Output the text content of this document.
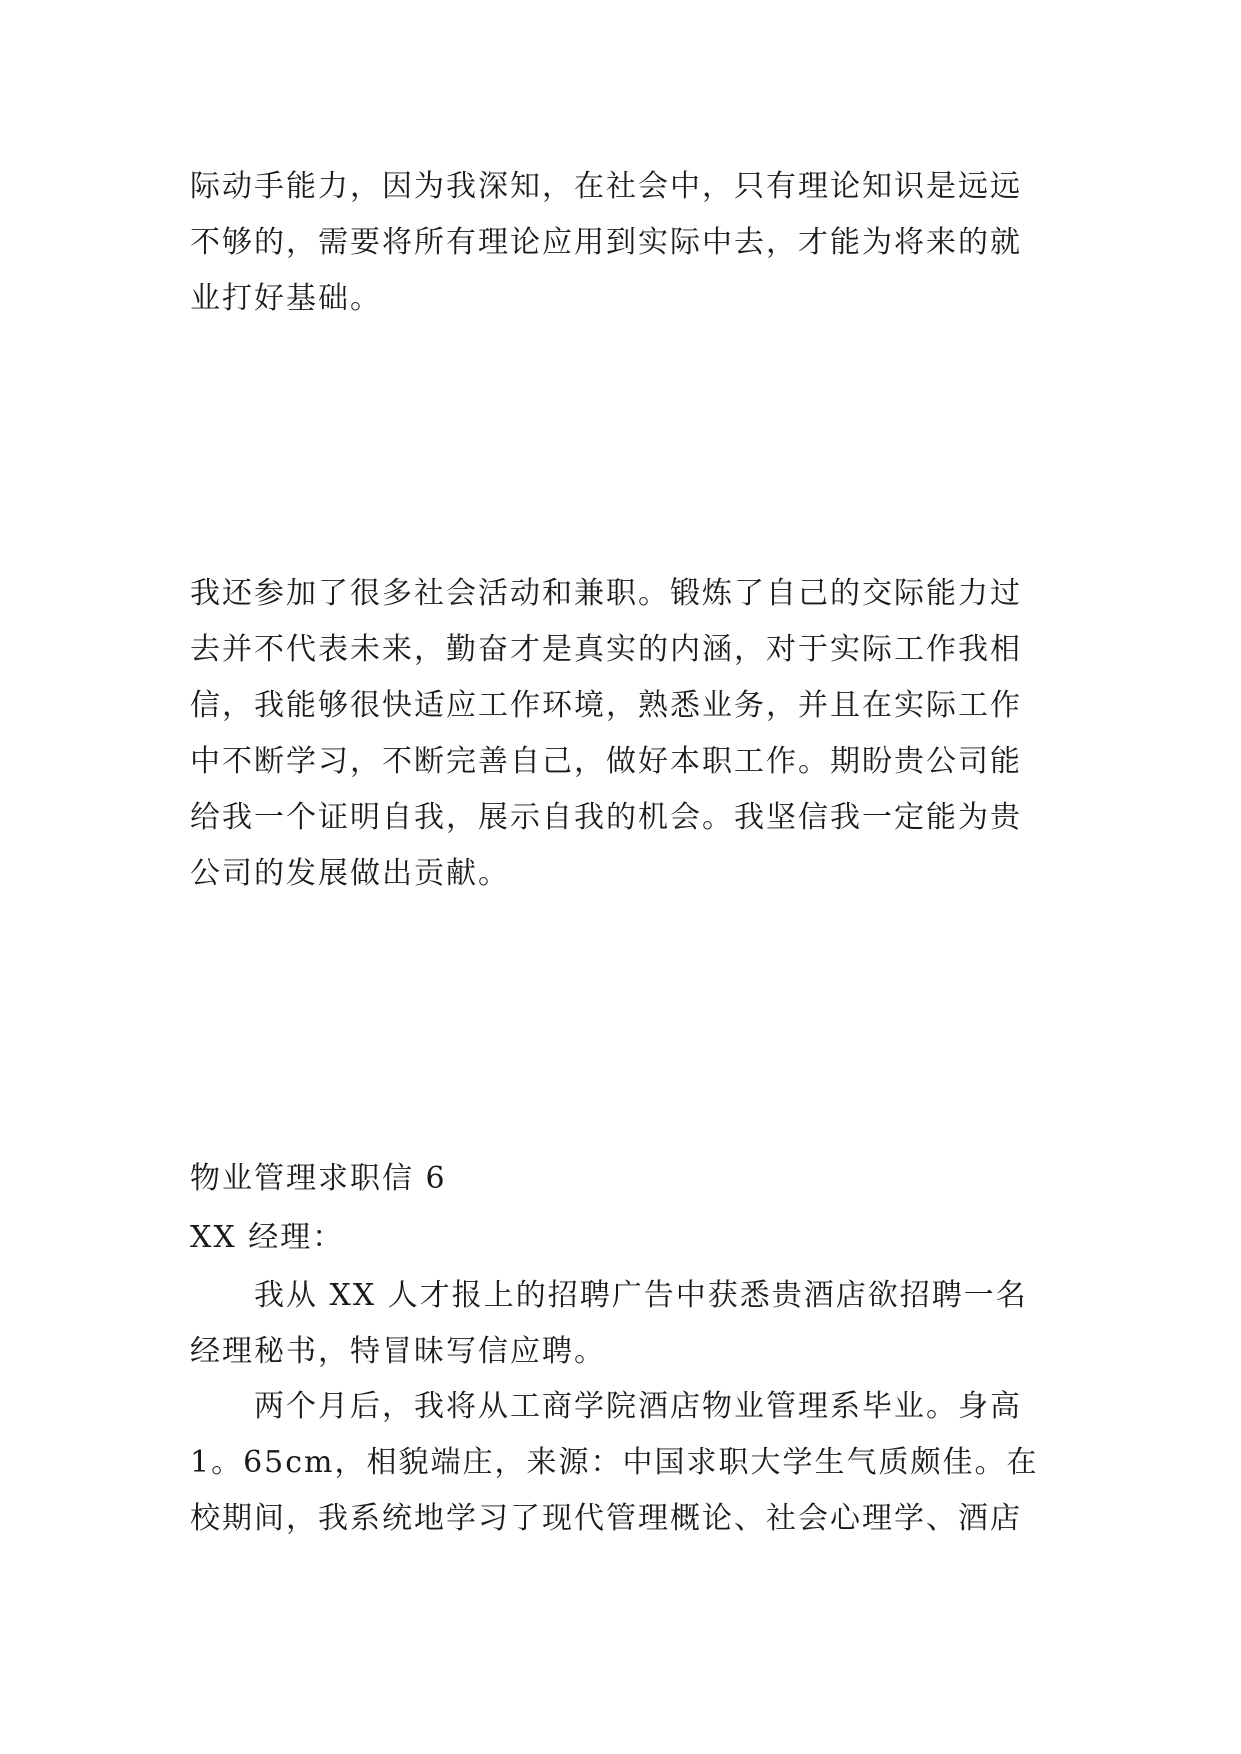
际动手能力，因为我深知，在社会中，只有理论知识是远远
不够的，需要将所有理论应用到实际中去，才能为将来的就
业打好基础。
我还参加了很多社会活动和兼职。锻炼了自己的交际能力过
去并不代表未来，勤奋才是真实的内涵，对于实际工作我相
信，我能够很快适应工作环境，熟悉业务，并且在实际工作
中不断学习，不断完善自己，做好本职工作。期盼贵公司能
给我一个证明自我，展示自我的机会。我坚信我一定能为贵
公司的发展做出贡献。
物业管理求职信 6
XX 经理：
我从 XX 人才报上的招聘广告中获悉贵酒店欲招聘一名
经理秘书，特冒昧写信应聘。
两个月后，我将从工商学院酒店物业管理系毕业。身高
1。65cm，相貌端庄，来源：中国求职大学生气质颇佳。在
校期间，我系统地学习了现代管理概论、社会心理学、酒店
